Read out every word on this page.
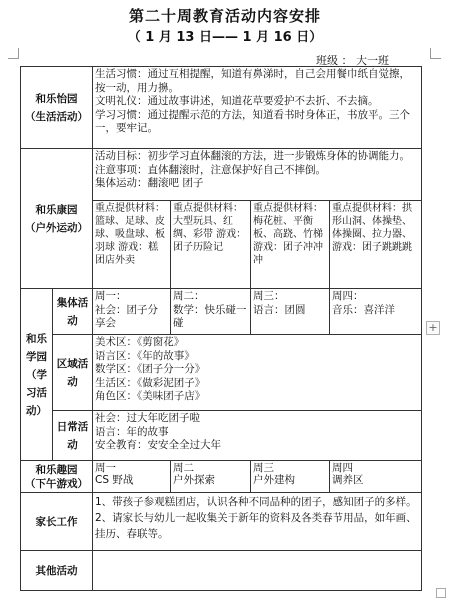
第二十周教育活动内容安排
（ 1 月 13 日—— 1 月 16 日）
班级 ： 大一班
和乐怡园
（生活活动）		生活习惯：通过互相提醒，知道有鼻涕时，自己会用餐巾纸自觉擦，按一动，用力擤。
文明礼仪：通过故事讲述，知道花草要爱护不去折、不去摘。
学习习惯：通过提醒示范的方法，知道看书时身体正，书放平。三个一，要牢记。			

和乐康园
（户外运动）		活动目标：初步学习直体翻滚的方法，进一步锻炼身体的协调能力。
注意事项：直体翻滚时，注意保护好自己不摔倒。
集体运动：翻滚吧 团子			

		重点提供材料：篮球、足球、皮球、吸盘球、板羽球 游戏：糕团店外卖	重点提供材料：大型玩具、红绸、彩带 游戏：团子历险记	重点提供材料：梅花桩、平衡板、高跷、竹梯 游戏：团子冲冲冲	重点提供材料：拱形山洞、体操垫、体操圈、拉力器、游戏：团子跳跳跳

和乐学园
（学习活动）	集体活动	周一：
社会：团子分享会	周二：
数学：快乐碰一碰	周三：
语言：团圆	周四：
音乐：喜洋洋

	区域活动	美术区：《剪窗花》
语言区：《年的故事》
数学区：《团子分一分》
生活区：《做彩泥团子》
角色区：《美味团子店》			

	日常活动	社会：过大年吃团子啦
语言：年的故事
安全教育：安安全全过大年			

和乐趣园
（下午游戏）		周一
CS 野战	周二
户外探索	周三
户外建构	周四
调养区

家长工作		1、带孩子参观糕团店，认识各种不同品种的团子，感知团子的多样。
2、请家长与幼儿一起收集关于新年的资料及各类春节用品，如年画、挂历、春联等。			

其他活动					
+
